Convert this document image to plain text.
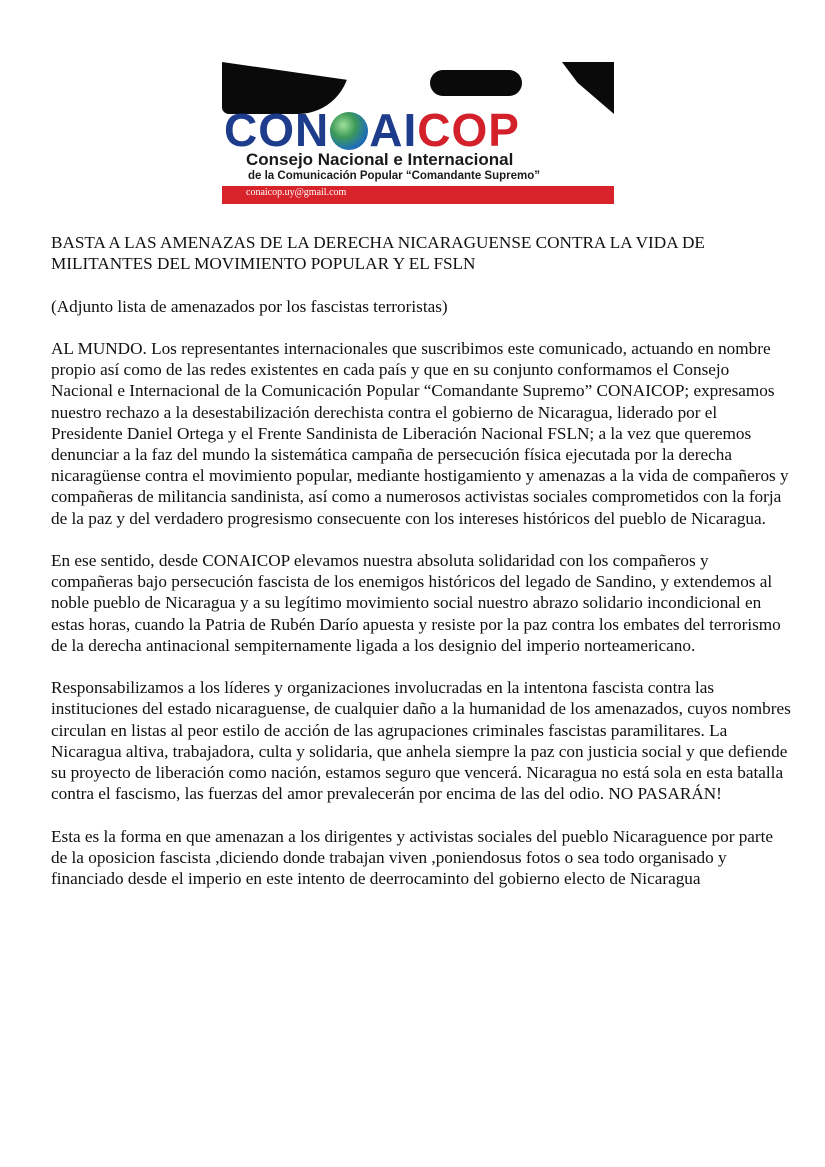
CON AICOP
Consejo Nacional e Internacional
de la Comunicación Popular “Comandante Supremo”
conaicop.uy@gmail.com

BASTA A LAS AMENAZAS DE LA DERECHA NICARAGUENSE CONTRA LA VIDA DE MILITANTES DEL MOVIMIENTO POPULAR Y EL FSLN

(Adjunto lista de amenazados por los fascistas terroristas)

AL MUNDO. Los representantes internacionales que suscribimos este comunicado, actuando en nombre propio así como de las redes existentes en cada país y que en su conjunto conformamos el Consejo Nacional e Internacional de la Comunicación Popular “Comandante Supremo” CONAICOP; expresamos nuestro rechazo a la desestabilización derechista contra el gobierno de Nicaragua, liderado por el Presidente Daniel Ortega y el Frente Sandinista de Liberación Nacional FSLN; a la vez que queremos denunciar a la faz del mundo la sistemática campaña de persecución física ejecutada por la derecha nicaragüense contra el movimiento popular, mediante hostigamiento y amenazas a la vida de compañeros y compañeras de militancia sandinista, así como a numerosos activistas sociales comprometidos con la forja de la paz y del verdadero progresismo consecuente con los intereses históricos del pueblo de Nicaragua.

En ese sentido, desde CONAICOP elevamos nuestra absoluta solidaridad con los compañeros y compañeras bajo persecución fascista de los enemigos históricos del legado de Sandino, y extendemos al noble pueblo de Nicaragua y a su legítimo movimiento social nuestro abrazo solidario incondicional en estas horas, cuando la Patria de Rubén Darío apuesta y resiste por la paz contra los embates del terrorismo de la derecha antinacional sempiternamente ligada a los designio del imperio norteamericano.

Responsabilizamos a los líderes y organizaciones involucradas en la intentona fascista contra las instituciones del estado nicaraguense, de cualquier daño a la humanidad de los amenazados, cuyos nombres circulan en listas al peor estilo de acción de las agrupaciones criminales fascistas paramilitares. La Nicaragua altiva, trabajadora, culta y solidaria, que anhela siempre la paz con justicia social y que defiende su proyecto de liberación como nación, estamos seguro que vencerá. Nicaragua no está sola en esta batalla contra el fascismo, las fuerzas del amor prevalecerán por encima de las del odio. NO PASARÁN!

Esta es la forma en que amenazan a los dirigentes y activistas sociales del pueblo Nicaraguence por parte de la oposicion fascista ,diciendo donde trabajan viven ,poniendosus fotos o sea todo organisado y financiado desde el imperio en este intento de deerrocaminto del gobierno electo de Nicaragua
